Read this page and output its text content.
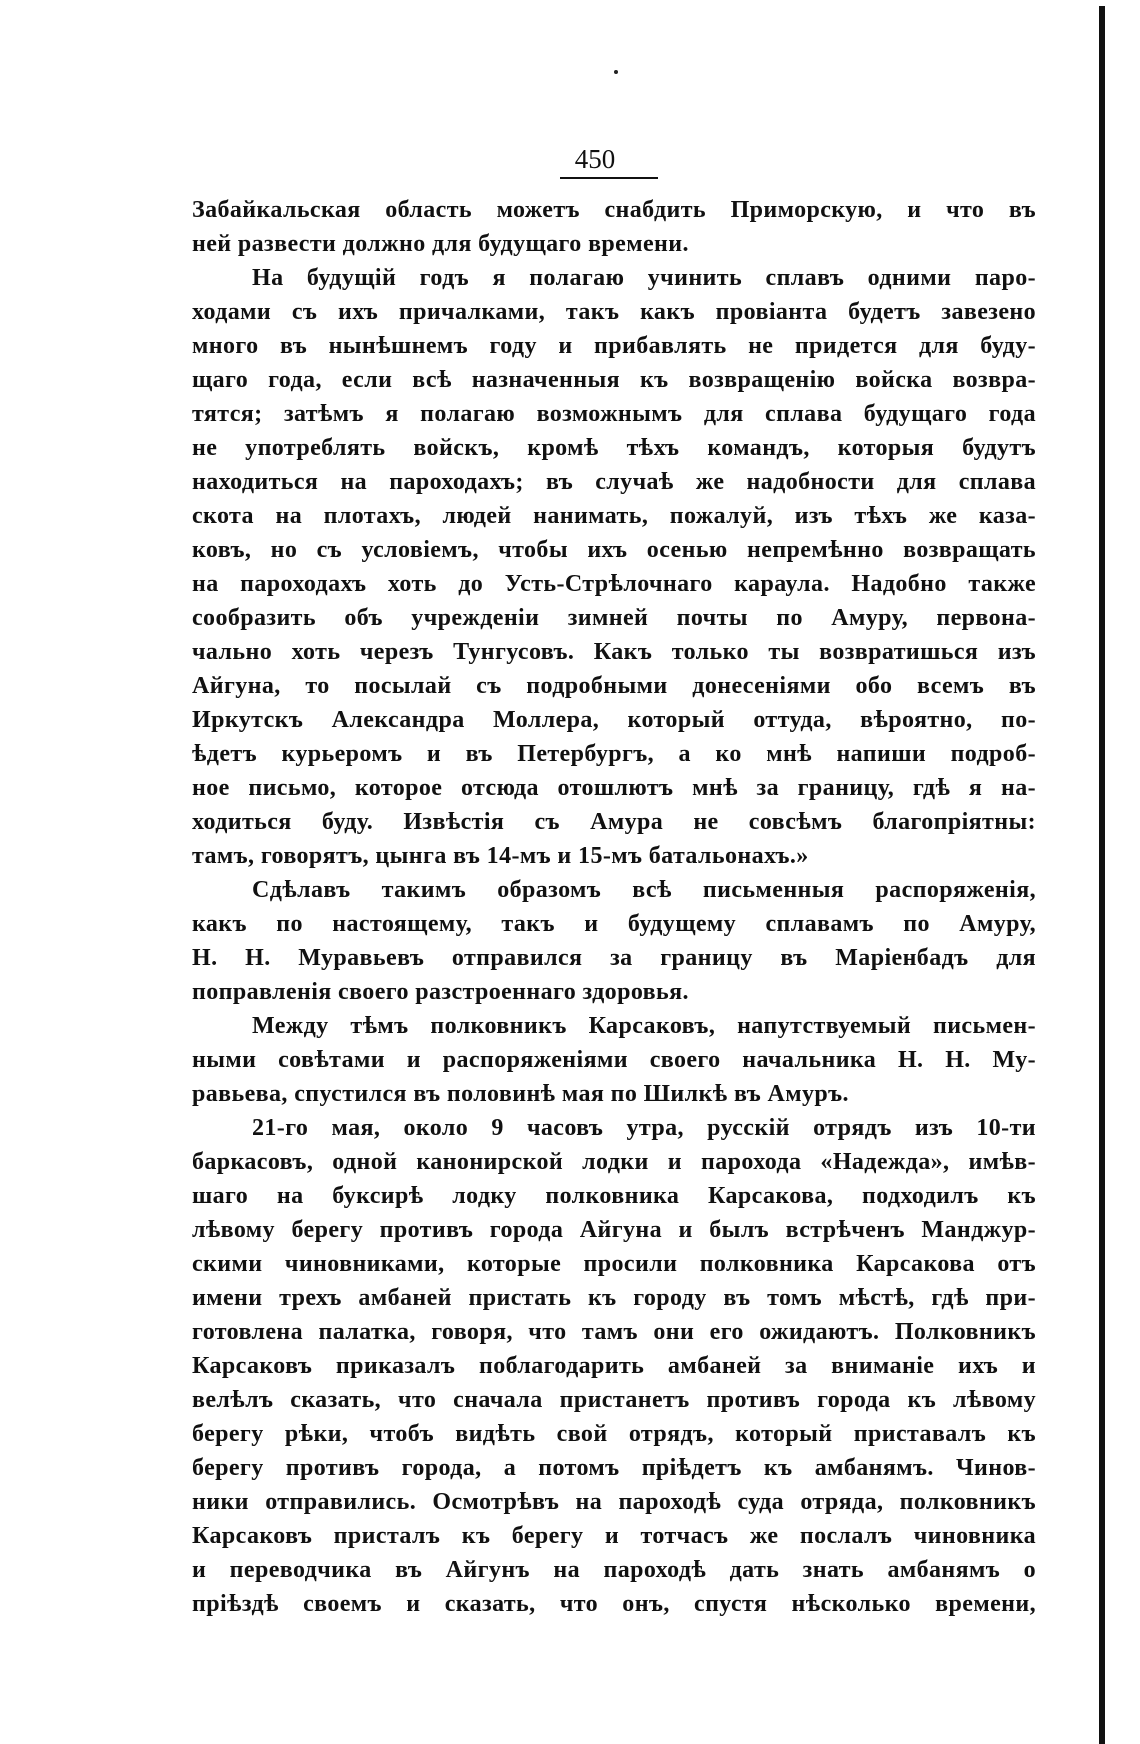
450
Забайкальская область можетъ снабдить Приморскую, и что въ
ней развести должно для будущаго времени.
На будущій годъ я полагаю учинить сплавъ одними паро-
ходами съ ихъ причалками, такъ какъ провіанта будетъ завезено
много въ нынѣшнемъ году и прибавлять не придется для буду-
щаго года, если всѣ назначенныя къ возвращенію войска возвра-
тятся; затѣмъ я полагаю возможнымъ для сплава будущаго года
не употреблять войскъ, кромѣ тѣхъ командъ, которыя будутъ
находиться на пароходахъ; въ случаѣ же надобности для сплава
скота на плотахъ, людей нанимать, пожалуй, изъ тѣхъ же каза-
ковъ, но съ условіемъ, чтобы ихъ осенью непремѣнно возвращать
на пароходахъ хоть до Усть-Стрѣлочнаго караула. Надобно также
сообразить объ учрежденіи зимней почты по Амуру, первона-
чально хоть черезъ Тунгусовъ. Какъ только ты возвратишься изъ
Айгуна, то посылай съ подробными донесеніями обо всемъ въ
Иркутскъ Александра Моллера, который оттуда, вѣроятно, по-
ѣдетъ курьеромъ и въ Петербургъ, а ко мнѣ напиши подроб-
ное письмо, которое отсюда отошлютъ мнѣ за границу, гдѣ я на-
ходиться буду. Извѣстія съ Амура не совсѣмъ благопріятны:
тамъ, говорятъ, цынга въ 14-мъ и 15-мъ батальонахъ.»
Сдѣлавъ такимъ образомъ всѣ письменныя распоряженія,
какъ по настоящему, такъ и будущему сплавамъ по Амуру,
Н. Н. Муравьевъ отправился за границу въ Маріенбадъ для
поправленія своего разстроеннаго здоровья.
Между тѣмъ полковникъ Карсаковъ, напутствуемый письмен-
ными совѣтами и распоряженіями своего начальника Н. Н. Му-
равьева, спустился въ половинѣ мая по Шилкѣ въ Амуръ.
21-го мая, около 9 часовъ утра, русскій отрядъ изъ 10-ти
баркасовъ, одной канонирской лодки и парохода «Надежда», имѣв-
шаго на буксирѣ лодку полковника Карсакова, подходилъ къ
лѣвому берегу противъ города Айгуна и былъ встрѣченъ Манджур-
скими чиновниками, которые просили полковника Карсакова отъ
имени трехъ амбаней пристать къ городу въ томъ мѣстѣ, гдѣ при-
готовлена палатка, говоря, что тамъ они его ожидаютъ. Полковникъ
Карсаковъ приказалъ поблагодарить амбаней за вниманіе ихъ и
велѣлъ сказать, что сначала пристанетъ противъ города къ лѣвому
берегу рѣки, чтобъ видѣть свой отрядъ, который приставалъ къ
берегу противъ города, а потомъ пріѣдетъ къ амбанямъ. Чинов-
ники отправились. Осмотрѣвъ на пароходѣ суда отряда, полковникъ
Карсаковъ присталъ къ берегу и тотчасъ же послалъ чиновника
и переводчика въ Айгунъ на пароходѣ дать знать амбанямъ о
пріѣздѣ своемъ и сказать, что онъ, спустя нѣсколько времени,
